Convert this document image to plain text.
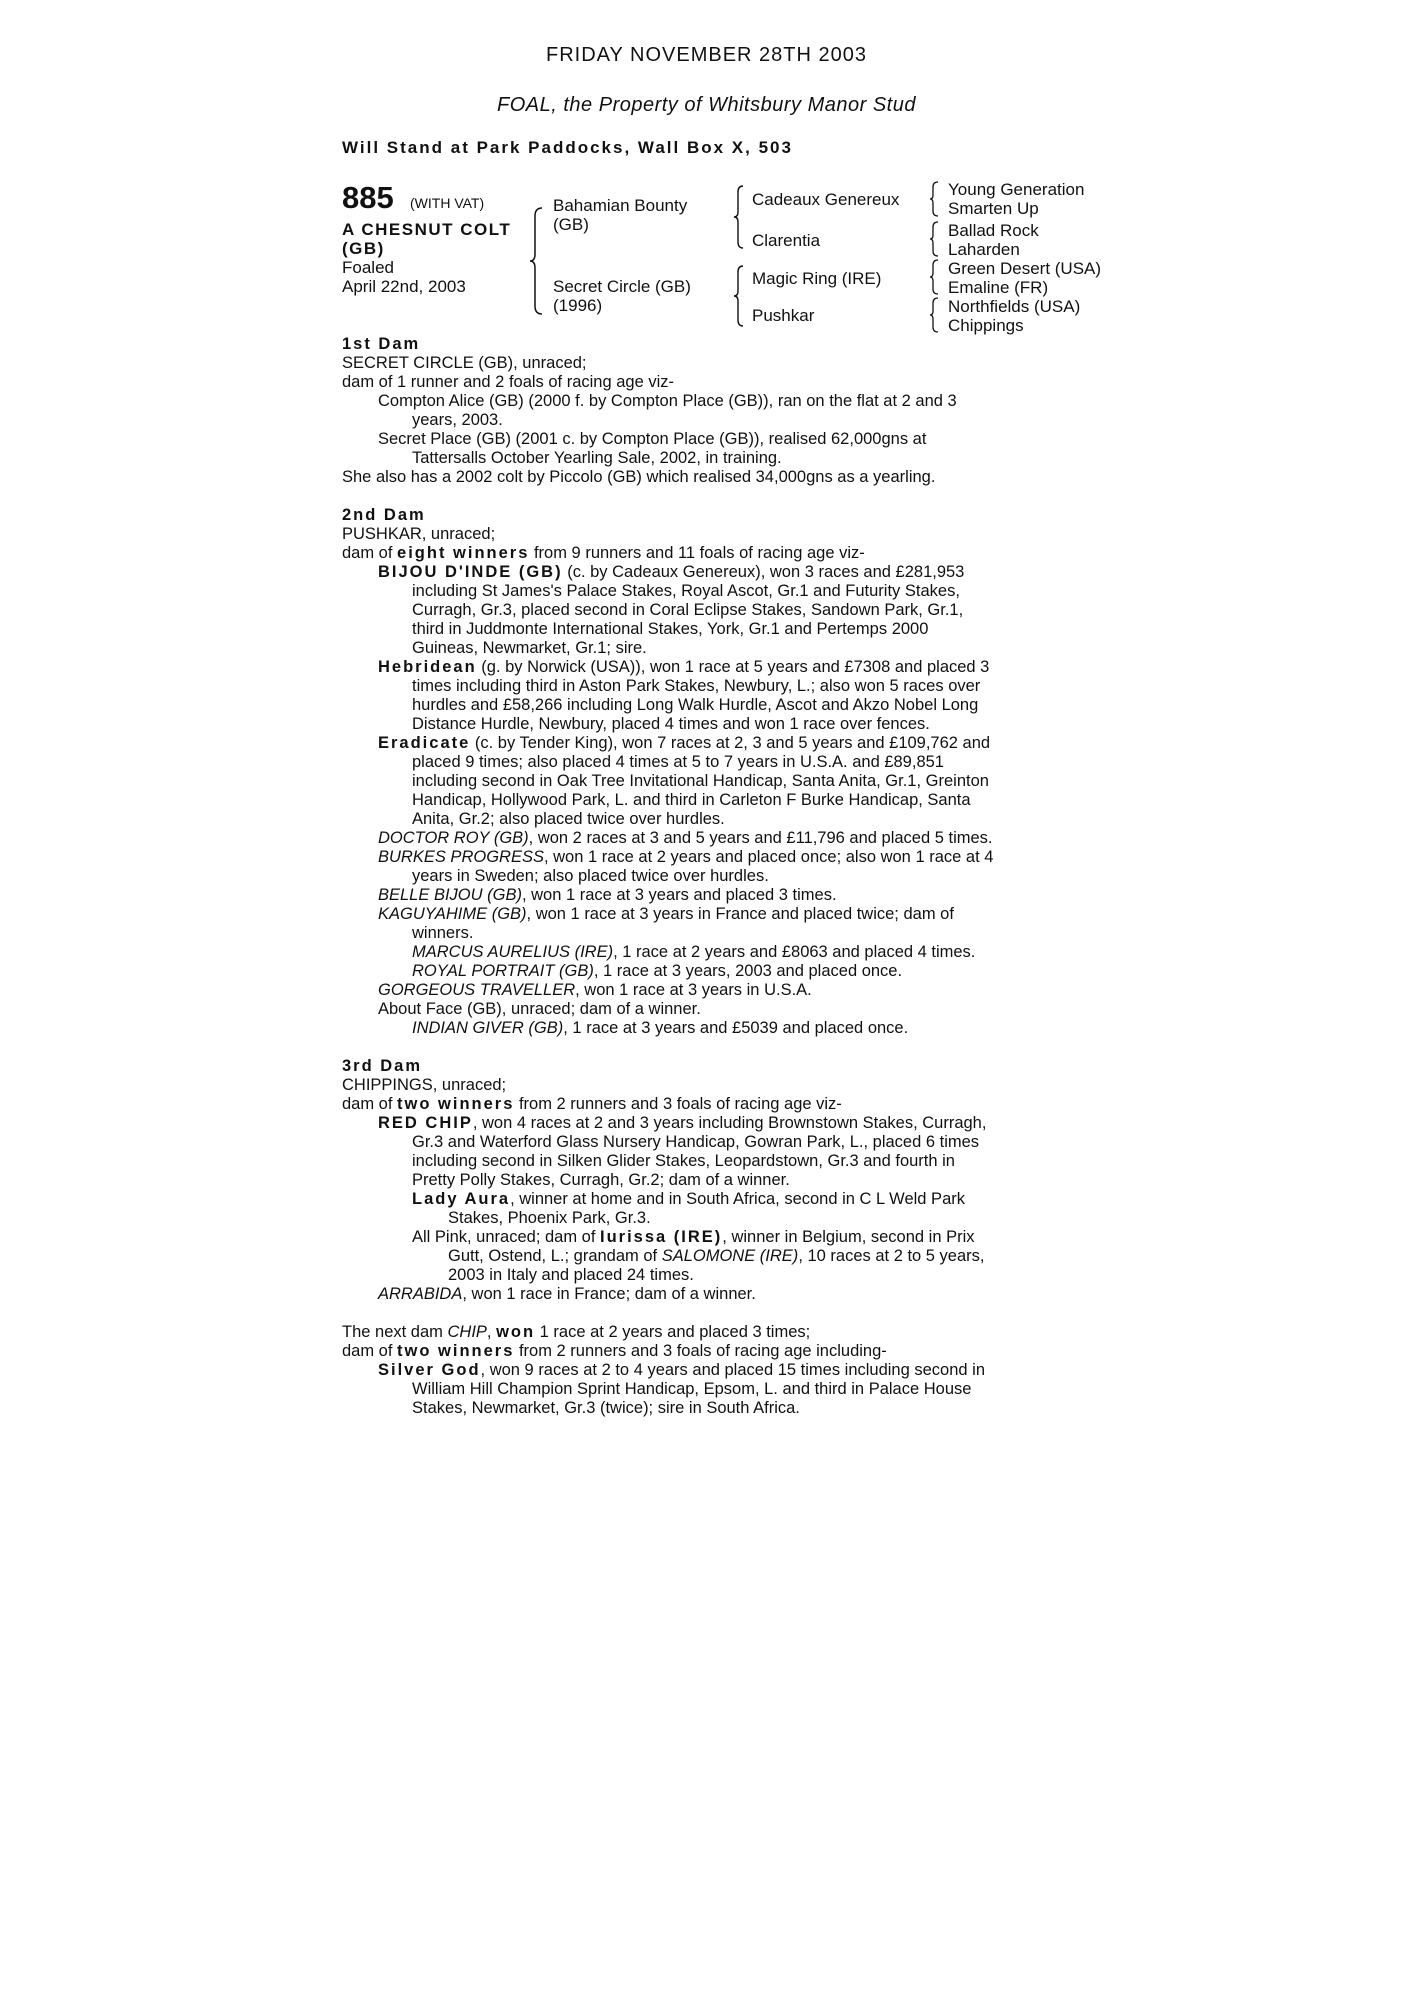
FRIDAY NOVEMBER 28TH 2003
FOAL, the Property of Whitsbury Manor Stud
Will Stand at Park Paddocks, Wall Box X, 503
885 (WITH VAT)
A CHESNUT COLT
(GB)
Foaled
April 22nd, 2003
Bahamian Bounty
(GB)
Secret Circle (GB)
(1996)
Cadeaux Genereux
Clarentia
Magic Ring (IRE)
Pushkar
Young Generation
Smarten Up
Ballad Rock
Laharden
Green Desert (USA)
Emaline (FR)
Northfields (USA)
Chippings

1st Dam

SECRET CIRCLE (GB), unraced;

dam of 1 runner and 2 foals of racing age viz-

Compton Alice (GB) (2000 f. by Compton Place (GB)), ran on the flat at 2 and 3
years, 2003.

Secret Place (GB) (2001 c. by Compton Place (GB)), realised 62,000gns at
Tattersalls October Yearling Sale, 2002, in training.

She also has a 2002 colt by Piccolo (GB) which realised 34,000gns as a yearling.

2nd Dam

PUSHKAR, unraced;

dam of eight winners from 9 runners and 11 foals of racing age viz-

BIJOU D'INDE (GB) (c. by Cadeaux Genereux), won 3 races and £281,953
including St James's Palace Stakes, Royal Ascot, Gr.1 and Futurity Stakes,
Curragh, Gr.3, placed second in Coral Eclipse Stakes, Sandown Park, Gr.1,
third in Juddmonte International Stakes, York, Gr.1 and Pertemps 2000
Guineas, Newmarket, Gr.1; sire.

Hebridean (g. by Norwick (USA)), won 1 race at 5 years and £7308 and placed 3
times including third in Aston Park Stakes, Newbury, L.; also won 5 races over
hurdles and £58,266 including Long Walk Hurdle, Ascot and Akzo Nobel Long
Distance Hurdle, Newbury, placed 4 times and won 1 race over fences.

Eradicate (c. by Tender King), won 7 races at 2, 3 and 5 years and £109,762 and
placed 9 times; also placed 4 times at 5 to 7 years in U.S.A. and £89,851
including second in Oak Tree Invitational Handicap, Santa Anita, Gr.1, Greinton
Handicap, Hollywood Park, L. and third in Carleton F Burke Handicap, Santa
Anita, Gr.2; also placed twice over hurdles.

DOCTOR ROY (GB), won 2 races at 3 and 5 years and £11,796 and placed 5 times.

BURKES PROGRESS, won 1 race at 2 years and placed once; also won 1 race at 4
years in Sweden; also placed twice over hurdles.

BELLE BIJOU (GB), won 1 race at 3 years and placed 3 times.

KAGUYAHIME (GB), won 1 race at 3 years in France and placed twice; dam of
winners.

MARCUS AURELIUS (IRE), 1 race at 2 years and £8063 and placed 4 times.

ROYAL PORTRAIT (GB), 1 race at 3 years, 2003 and placed once.

GORGEOUS TRAVELLER, won 1 race at 3 years in U.S.A.

About Face (GB), unraced; dam of a winner.

INDIAN GIVER (GB), 1 race at 3 years and £5039 and placed once.

3rd Dam

CHIPPINGS, unraced;

dam of two winners from 2 runners and 3 foals of racing age viz-

RED CHIP, won 4 races at 2 and 3 years including Brownstown Stakes, Curragh,
Gr.3 and Waterford Glass Nursery Handicap, Gowran Park, L., placed 6 times
including second in Silken Glider Stakes, Leopardstown, Gr.3 and fourth in
Pretty Polly Stakes, Curragh, Gr.2; dam of a winner.

Lady Aura, winner at home and in South Africa, second in C L Weld Park
Stakes, Phoenix Park, Gr.3.

All Pink, unraced; dam of Iurissa (IRE), winner in Belgium, second in Prix
Gutt, Ostend, L.; grandam of SALOMONE (IRE), 10 races at 2 to 5 years,
2003 in Italy and placed 24 times.

ARRABIDA, won 1 race in France; dam of a winner.

The next dam CHIP, won 1 race at 2 years and placed 3 times;

dam of two winners from 2 runners and 3 foals of racing age including-

Silver God, won 9 races at 2 to 4 years and placed 15 times including second in
William Hill Champion Sprint Handicap, Epsom, L. and third in Palace House
Stakes, Newmarket, Gr.3 (twice); sire in South Africa.
